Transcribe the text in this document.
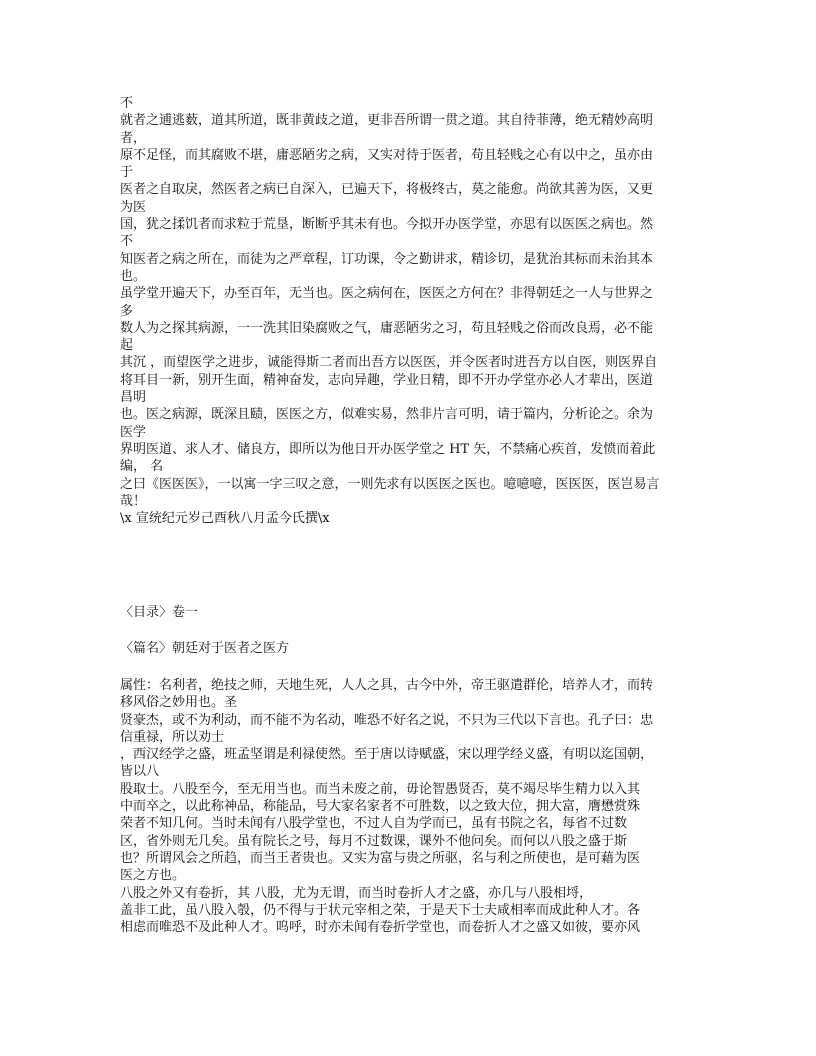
不
就者之逋逃薮，道其所道，既非黄歧之道，更非吾所谓一贯之道。其自待菲薄，绝无精妙高明
者，
原不足怪，而其腐败不堪，庸恶陋劣之病，又实对待于医者，苟且轻贱之心有以中之，虽亦由
于
医者之自取戾，然医者之病已自深入，已遍天下，将极终古，莫之能愈。尚欲其善为医，又更
为医
国，犹之揉饥者而求粒于荒垦，断断乎其未有也。今拟开办医学堂，亦思有以医医之病也。然
不
知医者之病之所在，而徒为之严章程，订功课，令之勤讲求，精诊切，是犹治其标而未治其本
也。
虽学堂开遍天下，办至百年，无当也。医之病何在，医医之方何在？非得朝廷之一人与世界之
多
数人为之探其病源，一一洗其旧染腐败之气，庸恶陋劣之习，苟且轻贱之俗而改良焉，必不能
起
其沉 ，而望医学之进步，诚能得斯二者而出吾方以医医，并令医者时进吾方以自医，则医界自
将耳目一新，别开生面，精神奋发，志向异趣，学业日精，即不开办学堂亦必人才辈出，医道
昌明
也。医之病源，既深且赜，医医之方，似难实易，然非片言可明，请于篇内，分析论之。余为
医学
界明医道、求人才、储良方，即所以为他日开办医学堂之 HT 矢，不禁痛心疾首，发愤而着此
编， 名
之曰《医医医》，一以寓一字三叹之意，一则先求有以医医之医也。噫噫噫，医医医，医岂易言
哉！
\x 宣统纪元岁己酉秋八月孟今氏撰\x
〈目录〉卷一
〈篇名〉朝廷对于医者之医方
属性：名利者，绝技之师，天地生死，人人之具，古今中外，帝王驱遣群伦，培养人才，而转
移风俗之妙用也。圣
贤豪杰，或不为利动，而不能不为名动，唯恐不好名之说，不只为三代以下言也。孔子曰：忠
信重禄，所以劝士
，西汉经学之盛，班孟坚谓是利禄使然。至于唐以诗赋盛，宋以理学经义盛，有明以迄国朝，
皆以八
股取士。八股至今，至无用当也。而当未废之前，毋论智愚贤否，莫不竭尽毕生精力以入其
中而卒之，以此称神品，称能品，号大家名家者不可胜数，以之致大位，拥大富，膺懋赏殊
荣者不知几何。当时未闻有八股学堂也，不过人自为学而已，虽有书院之名，每省不过数
区，省外则无几矣。虽有院长之号，每月不过数课，课外不他问矣。而何以八股之盛于斯
也？所谓风会之所趋，而当王者贵也。又实为富与贵之所驱，名与利之所使也，是可藉为医
医之方也。
八股之外又有卷折，其 八股，尤为无谓，而当时卷折人才之盛，亦几与八股相埒，
盖非工此，虽八股入彀，仍不得与于状元宰相之荣，于是天下士夫咸相率而成此种人才。各
相虑而唯恐不及此种人才。呜呼，时亦未闻有卷折学堂也，而卷折人才之盛又如彼，要亦风
